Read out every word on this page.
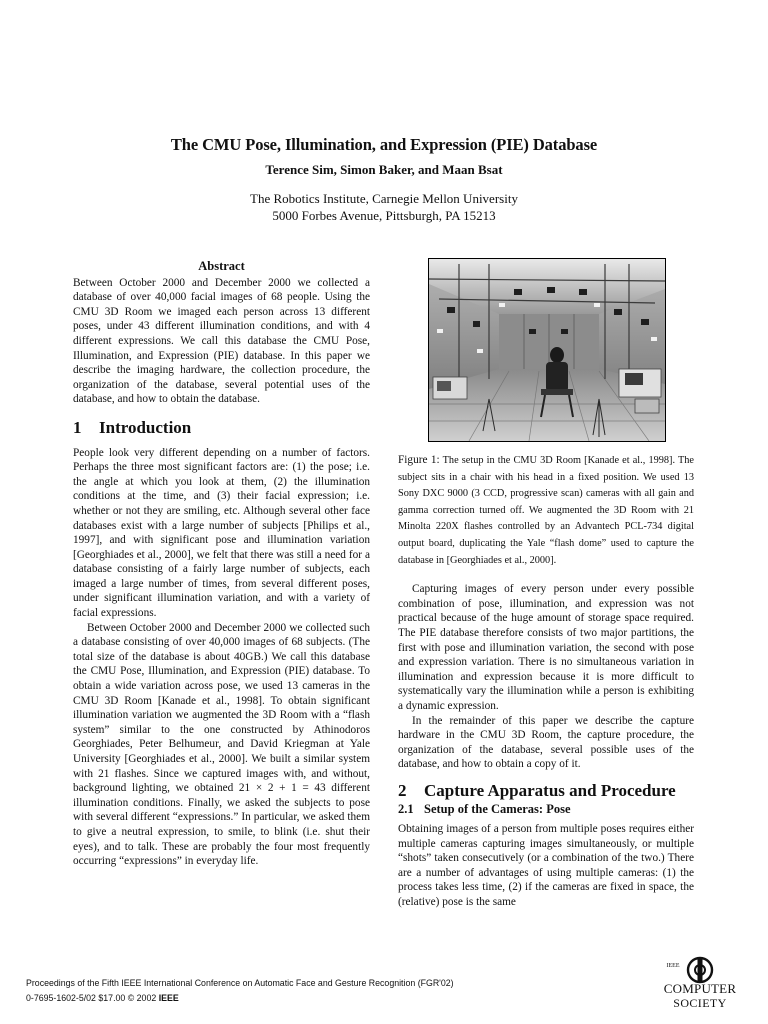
The CMU Pose, Illumination, and Expression (PIE) Database
Terence Sim, Simon Baker, and Maan Bsat
The Robotics Institute, Carnegie Mellon University
5000 Forbes Avenue, Pittsburgh, PA 15213
Abstract

Between October 2000 and December 2000 we collected a database of over 40,000 facial images of 68 people. Using the CMU 3D Room we imaged each person across 13 different poses, under 43 different illumination conditions, and with 4 different expressions. We call this database the CMU Pose, Illumination, and Expression (PIE) database. In this paper we describe the imaging hardware, the collection procedure, the organization of the database, several potential uses of the database, and how to obtain the database.

1 Introduction

People look very different depending on a number of factors. Perhaps the three most significant factors are: (1) the pose; i.e. the angle at which you look at them, (2) the illumination conditions at the time, and (3) their facial expression; i.e. whether or not they are smiling, etc. Although several other face databases exist with a large number of subjects [Philips et al., 1997], and with significant pose and illumination variation [Georghiades et al., 2000], we felt that there was still a need for a database consisting of a fairly large number of subjects, each imaged a large number of times, from several different poses, under significant illumination variation, and with a variety of facial expressions.

Between October 2000 and December 2000 we collected such a database consisting of over 40,000 images of 68 subjects. (The total size of the database is about 40GB.) We call this database the CMU Pose, Illumination, and Expression (PIE) database. To obtain a wide variation across pose, we used 13 cameras in the CMU 3D Room [Kanade et al., 1998]. To obtain significant illumination variation we augmented the 3D Room with a “flash system” similar to the one constructed by Athinodoros Georghiades, Peter Belhumeur, and David Kriegman at Yale University [Georghiades et al., 2000]. We built a similar system with 21 flashes. Since we captured images with, and without, background lighting, we obtained 21 × 2 + 1 = 43 different illumination conditions. Finally, we asked the subjects to pose with several different “expressions.” In particular, we asked them to give a neutral expression, to smile, to blink (i.e. shut their eyes), and to talk. These are probably the four most frequently occurring “expressions” in everyday life.

Figure 1: The setup in the CMU 3D Room [Kanade et al., 1998]. The subject sits in a chair with his head in a fixed position. We used 13 Sony DXC 9000 (3 CCD, progressive scan) cameras with all gain and gamma correction turned off. We augmented the 3D Room with 21 Minolta 220X flashes controlled by an Advantech PCL-734 digital output board, duplicating the Yale “flash dome” used to capture the database in [Georghiades et al., 2000].

Capturing images of every person under every possible combination of pose, illumination, and expression was not practical because of the huge amount of storage space required. The PIE database therefore consists of two major partitions, the first with pose and illumination variation, the second with pose and expression variation. There is no simultaneous variation in illumination and expression because it is more difficult to systematically vary the illumination while a person is exhibiting a dynamic expression.

In the remainder of this paper we describe the capture hardware in the CMU 3D Room, the capture procedure, the organization of the database, several possible uses of the database, and how to obtain a copy of it.

2 Capture Apparatus and Procedure
2.1 Setup of the Cameras: Pose

Obtaining images of a person from multiple poses requires either multiple cameras capturing images simultaneously, or multiple “shots” taken consecutively (or a combination of the two.) There are a number of advantages of using multiple cameras: (1) the process takes less time, (2) if the cameras are fixed in space, the (relative) pose is the same

Proceedings of the Fifth IEEE International Conference on Automatic Face and Gesture Recognition (FGR'02)
0-7695-1602-5/02 $17.00 © 2002 IEEE
IEEE
COMPUTER
SOCIETY
